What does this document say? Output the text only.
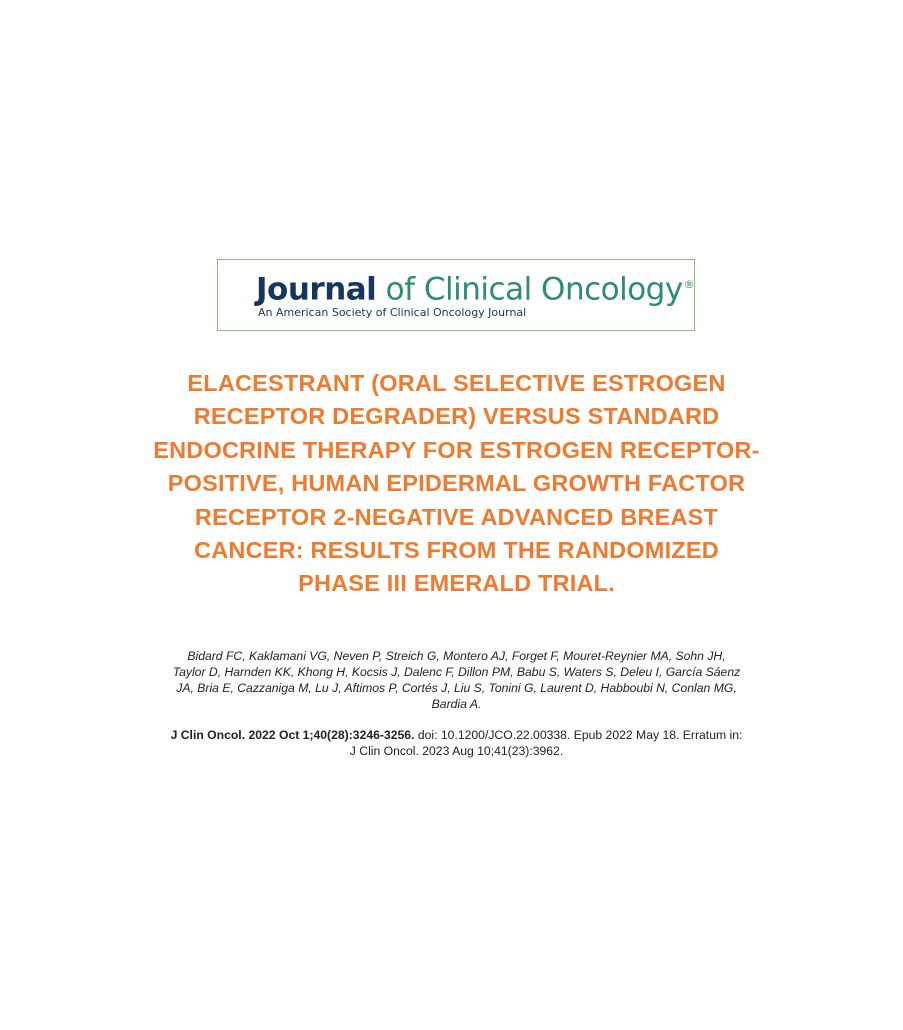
Journal of Clinical Oncology®
An American Society of Clinical Oncology Journal
ELACESTRANT (ORAL SELECTIVE ESTROGEN RECEPTOR DEGRADER) VERSUS STANDARD ENDOCRINE THERAPY FOR ESTROGEN RECEPTOR-POSITIVE, HUMAN EPIDERMAL GROWTH FACTOR RECEPTOR 2-NEGATIVE ADVANCED BREAST CANCER: RESULTS FROM THE RANDOMIZED PHASE III EMERALD TRIAL.

Bidard FC, Kaklamani VG, Neven P, Streich G, Montero AJ, Forget F, Mouret-Reynier MA, Sohn JH, Taylor D, Harnden KK, Khong H, Kocsis J, Dalenc F, Dillon PM, Babu S, Waters S, Deleu I, García Sáenz JA, Bria E, Cazzaniga M, Lu J, Aftimos P, Cortés J, Liu S, Tonini G, Laurent D, Habboubi N, Conlan MG, Bardia A.

J Clin Oncol. 2022 Oct 1;40(28):3246-3256. doi: 10.1200/JCO.22.00338. Epub 2022 May 18. Erratum in: J Clin Oncol. 2023 Aug 10;41(23):3962.
